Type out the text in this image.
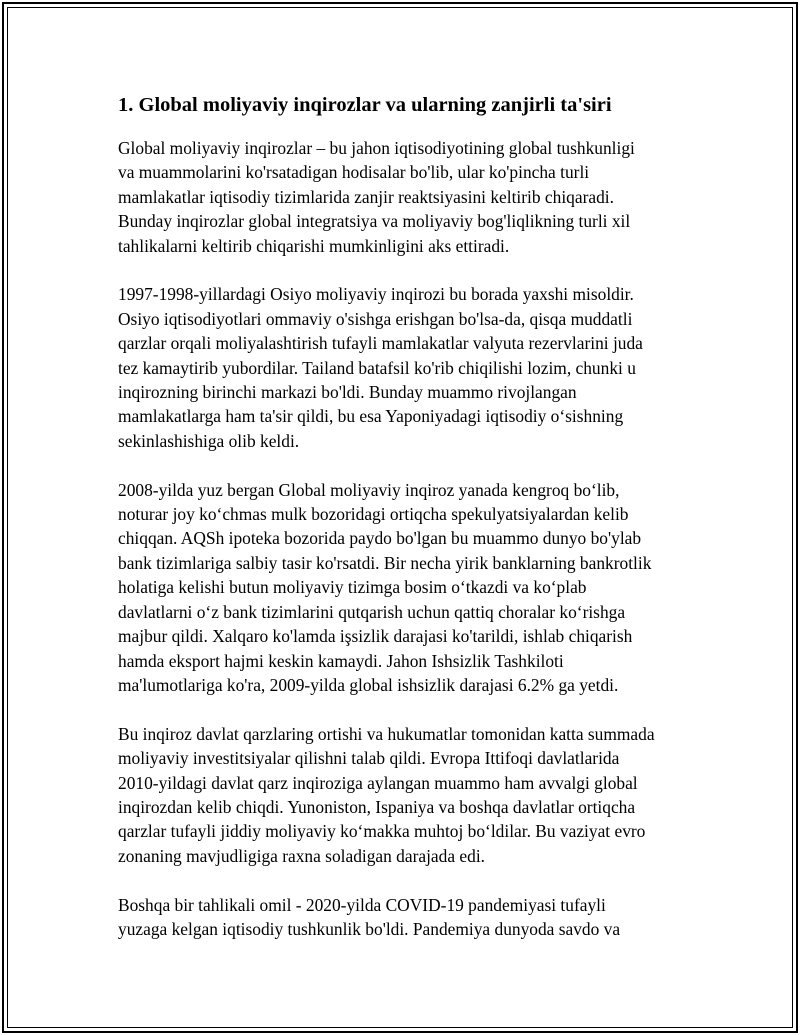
1. Global moliyaviy inqirozlar va ularning zanjirli ta'siri

Global moliyaviy inqirozlar – bu jahon iqtisodiyotining global tushkunligi
va muammolarini ko'rsatadigan hodisalar bo'lib, ular ko'pincha turli
mamlakatlar iqtisodiy tizimlarida zanjir reaktsiyasini keltirib chiqaradi.
Bunday inqirozlar global integratsiya va moliyaviy bog'liqlikning turli xil
tahlikalarni keltirib chiqarishi mumkinligini aks ettiradi.

1997-1998-yillardagi Osiyo moliyaviy inqirozi bu borada yaxshi misoldir.
Osiyo iqtisodiyotlari ommaviy o'sishga erishgan bo'lsa-da, qisqa muddatli
qarzlar orqali moliyalashtirish tufayli mamlakatlar valyuta rezervlarini juda
tez kamaytirib yubordilar. Tailand batafsil ko'rib chiqilishi lozim, chunki u
inqirozning birinchi markazi bo'ldi. Bunday muammo rivojlangan
mamlakatlarga ham ta'sir qildi, bu esa Yaponiyadagi iqtisodiy o‘sishning
sekinlashishiga olib keldi.

2008-yilda yuz bergan Global moliyaviy inqiroz yanada kengroq bo‘lib,
noturar joy ko‘chmas mulk bozoridagi ortiqcha spekulyatsiyalardan kelib
chiqqan. AQSh ipoteka bozorida paydo bo'lgan bu muammo dunyo bo'ylab
bank tizimlariga salbiy tasir ko'rsatdi. Bir necha yirik banklarning bankrotlik
holatiga kelishi butun moliyaviy tizimga bosim o‘tkazdi va ko‘plab
davlatlarni o‘z bank tizimlarini qutqarish uchun qattiq choralar ko‘rishga
majbur qildi. Xalqaro ko'lamda işsizlik darajasi ko'tarildi, ishlab chiqarish
hamda eksport hajmi keskin kamaydi. Jahon Ishsizlik Tashkiloti
ma'lumotlariga ko'ra, 2009-yilda global ishsizlik darajasi 6.2% ga yetdi.

Bu inqiroz davlat qarzlaring ortishi va hukumatlar tomonidan katta summada
moliyaviy investitsiyalar qilishni talab qildi. Evropa Ittifoqi davlatlarida
2010-yildagi davlat qarz inqiroziga aylangan muammo ham avvalgi global
inqirozdan kelib chiqdi. Yunoniston, Ispaniya va boshqa davlatlar ortiqcha
qarzlar tufayli jiddiy moliyaviy ko‘makka muhtoj bo‘ldilar. Bu vaziyat evro
zonaning mavjudligiga raxna soladigan darajada edi.

Boshqa bir tahlikali omil - 2020-yilda COVID-19 pandemiyasi tufayli
yuzaga kelgan iqtisodiy tushkunlik bo'ldi. Pandemiya dunyoda savdo va
